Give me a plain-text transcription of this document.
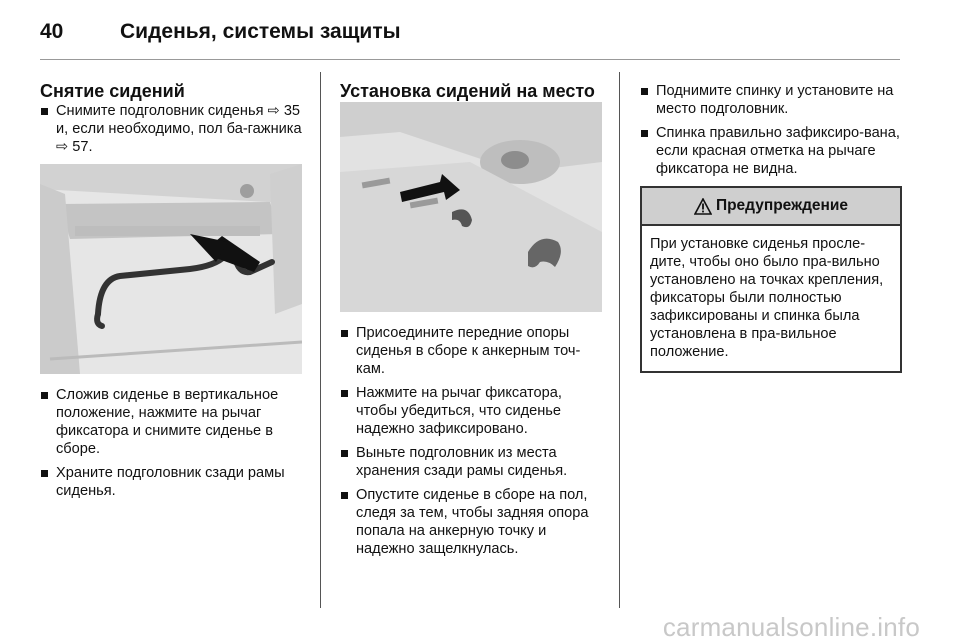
40	Сиденья, системы защиты
Снятие сидений
Снимите подголовник сиденья ⇨ 35 и, если необходимо, пол ба-гажника ⇨ 57.
Сложив сиденье в вертикальное положение, нажмите на рычаг фиксатора и снимите сиденье в сборе.
Храните подголовник сзади рамы сиденья.
Установка сидений на место
Присоедините передние опоры сиденья в сборе к анкерным точ-кам.
Нажмите на рычаг фиксатора, чтобы убедиться, что сиденье надежно зафиксировано.
Выньте подголовник из места хранения сзади рамы сиденья.
Опустите сиденье в сборе на пол, следя за тем, чтобы задняя опора попала на анкерную точку и надежно защелкнулась.
Поднимите спинку и установите на место подголовник.
Спинка правильно зафиксиро-вана, если красная отметка на рычаге фиксатора не видна.
Предупреждение
При установке сиденья просле-дите, чтобы оно было пра-вильно установлено на точках крепления, фиксаторы были полностью зафиксированы и спинка была установлена в пра-вильное положение.
carmanualsonline.info
